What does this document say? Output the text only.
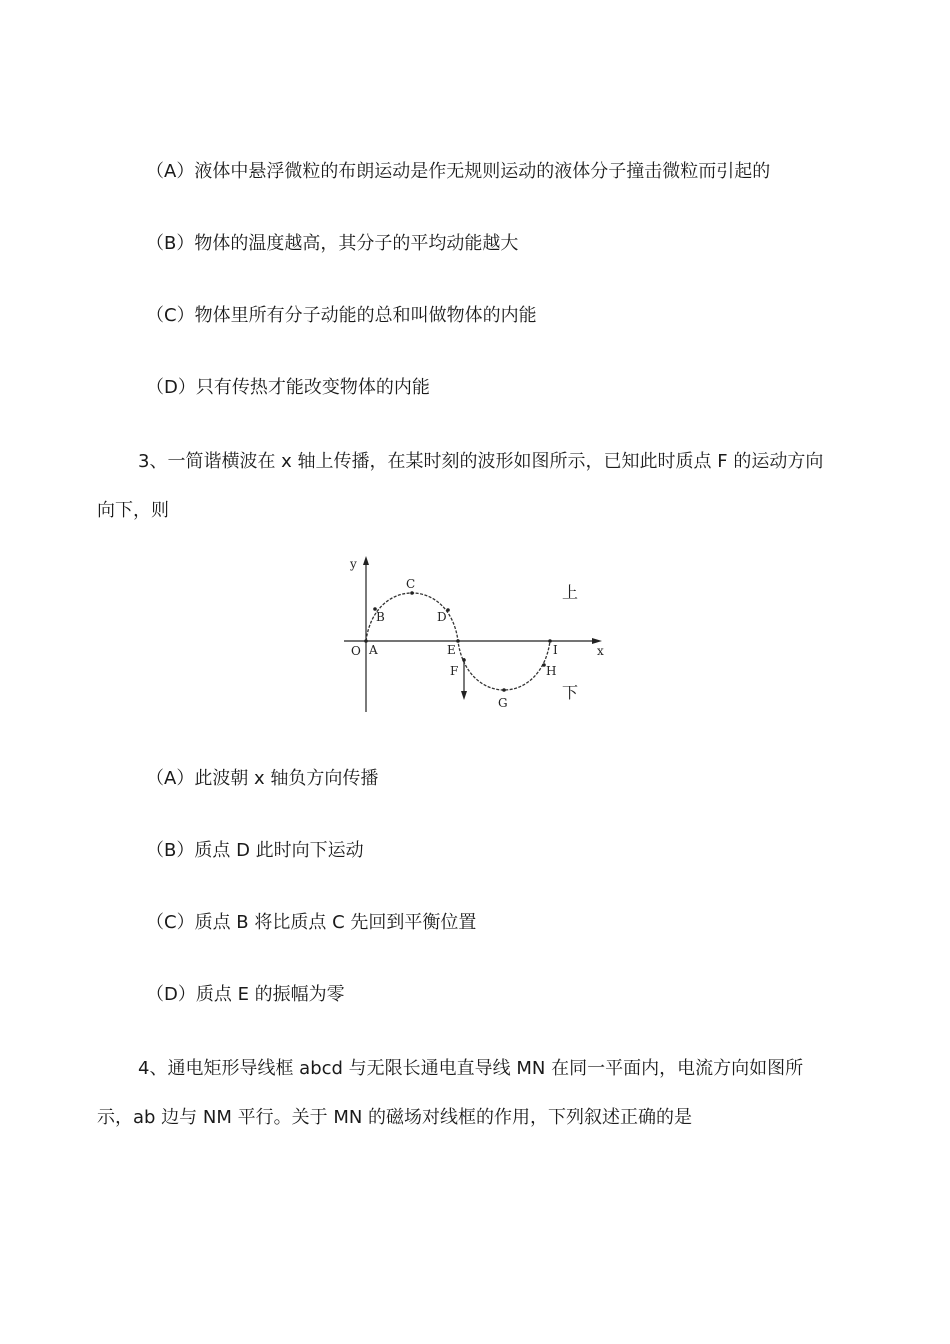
（A）液体中悬浮微粒的布朗运动是作无规则运动的液体分子撞击微粒而引起的
（B）物体的温度越高，其分子的平均动能越大
（C）物体里所有分子动能的总和叫做物体的内能
（D）只有传热才能改变物体的内能
3、一简谐横波在 x 轴上传播，在某时刻的波形如图所示，已知此时质点 F 的运动方向
向下，则
y
x
O A
B
C
D
E
F
G
H
I
上
下
（A）此波朝 x 轴负方向传播
（B）质点 D 此时向下运动
（C）质点 B 将比质点 C 先回到平衡位置
（D）质点 E 的振幅为零
4、通电矩形导线框 abcd 与无限长通电直导线 MN 在同一平面内，电流方向如图所
示，ab 边与 NM 平行。关于 MN 的磁场对线框的作用，下列叙述正确的是
